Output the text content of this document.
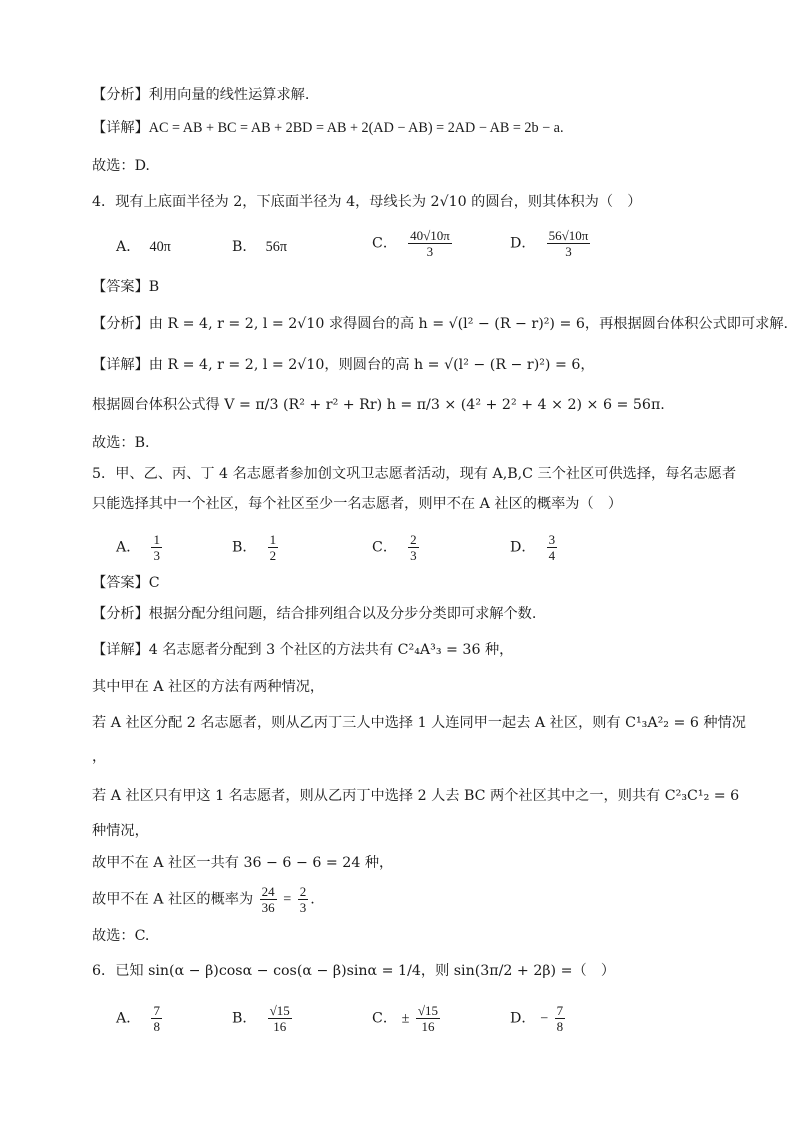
【分析】利用向量的线性运算求解.
【详解】AC = AB + BC = AB + 2BD = AB + 2(AD − AB) = 2AD − AB = 2b − a.
故选：D.
4．现有上底面半径为 2，下底面半径为 4，母线长为 2√10 的圆台，则其体积为（　）
A． 40π	B． 56π	C． $\frac{40√10\pi}{3}$	D． $\frac{56√10\pi}{3}$
【答案】B
【分析】由 R = 4, r = 2, l = 2√10 求得圆台的高 h = √(l² − (R − r)²) = 6，再根据圆台体积公式即可求解.
【详解】由 R = 4, r = 2, l = 2√10，则圆台的高 h = √(l² − (R − r)²) = 6，
根据圆台体积公式得 V = π/3 (R² + r² + Rr) h = π/3 × (4² + 2² + 4 × 2) × 6 = 56π.
故选：B.
5．甲、乙、丙、丁 4 名志愿者参加创文巩卫志愿者活动，现有 A,B,C 三个社区可供选择，每名志愿者
只能选择其中一个社区，每个社区至少一名志愿者，则甲不在 A 社区的概率为（　）
A． $\frac{1}{3}$	B． $\frac{1}{2}$	C． $\frac{2}{3}$	D． $\frac{3}{4}$
【答案】C
【分析】根据分配分组问题，结合排列组合以及分步分类即可求解个数.
【详解】4 名志愿者分配到 3 个社区的方法共有 C²₄A³₃ = 36 种，
其中甲在 A 社区的方法有两种情况，
若 A 社区分配 2 名志愿者，则从乙丙丁三人中选择 1 人连同甲一起去 A 社区，则有 C¹₃A²₂ = 6 种情况
，
若 A 社区只有甲这 1 名志愿者，则从乙丙丁中选择 2 人去 BC 两个社区其中之一，则共有 C²₃C¹₂ = 6
种情况，
故甲不在 A 社区一共有 36 − 6 − 6 = 24 种，
故甲不在 A 社区的概率为 $\frac{24}{36} = \frac{2}{3}$ .
故选：C.
6．已知 sin(α − β)cosα − cos(α − β)sinα = 1/4，则 sin(3π/2 + 2β) =（　）
A． $\frac{7}{8}$	B． $\frac{√15}{16}$	C． ± $\frac{√15}{16}$	D． − $\frac{7}{8}$
